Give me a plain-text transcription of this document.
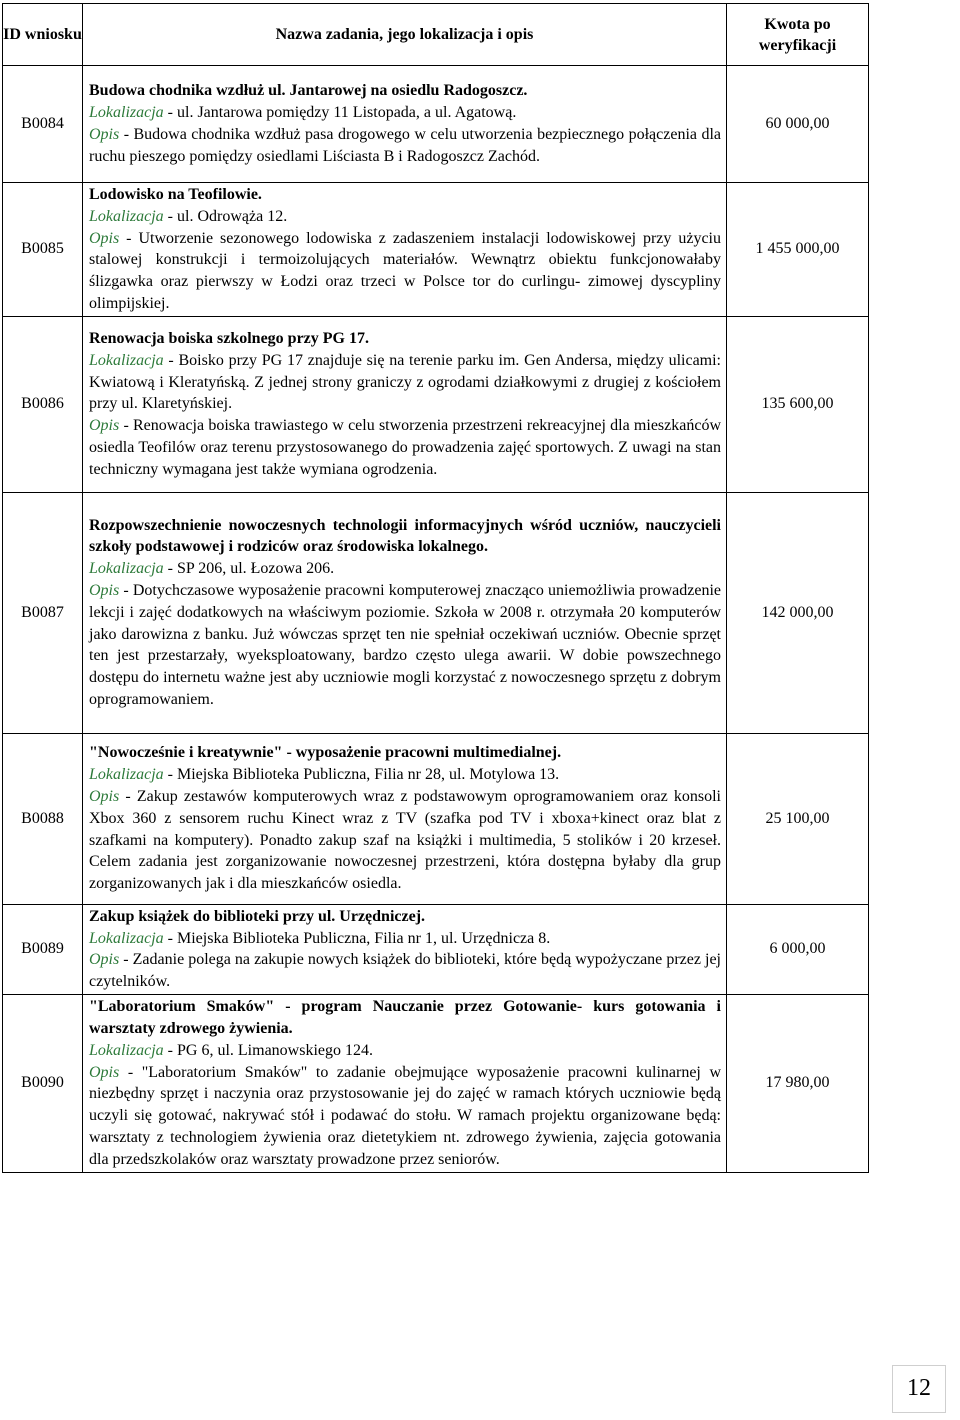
ID wniosku	Nazwa zadania, jego lokalizacja i opis	Kwota po weryfikacji
B0084	Budowa chodnika wzdłuż ul. Jantarowej na osiedlu Radogoszcz.
Lokalizacja - ul. Jantarowa pomiędzy 11 Listopada, a ul. Agatową.
Opis - Budowa chodnika wzdłuż pasa drogowego w celu utworzenia bezpiecznego połączenia dla ruchu pieszego pomiędzy osiedlami Liściasta B i Radogoszcz Zachód.	60 000,00
B0085	Lodowisko na Teofilowie.
Lokalizacja - ul. Odrowąża 12.
Opis - Utworzenie sezonowego lodowiska z zadaszeniem instalacji lodowiskowej przy użyciu stalowej konstrukcji i termoizolujących materiałów. Wewnątrz obiektu funkcjonowałaby ślizgawka oraz pierwszy w Łodzi oraz trzeci w Polsce tor do curlingu- zimowej dyscypliny olimpijskiej.	1 455 000,00
B0086	Renowacja boiska szkolnego przy PG 17.
Lokalizacja - Boisko przy PG 17 znajduje się na terenie parku im. Gen Andersa, między ulicami: Kwiatową i Kleratyńską. Z jednej strony graniczy z ogrodami działkowymi z drugiej z kościołem przy ul. Klaretyńskiej.
Opis - Renowacja boiska trawiastego w celu stworzenia przestrzeni rekreacyjnej dla mieszkańców osiedla Teofilów oraz terenu przystosowanego do prowadzenia zajęć sportowych. Z uwagi na stan techniczny wymagana jest także wymiana ogrodzenia.	135 600,00
B0087	Rozpowszechnienie nowoczesnych technologii informacyjnych wśród uczniów, nauczycieli szkoły podstawowej i rodziców oraz środowiska lokalnego.
Lokalizacja - SP 206, ul. Łozowa 206.
Opis - Dotychczasowe wyposażenie pracowni komputerowej znacząco uniemożliwia prowadzenie lekcji i zajęć dodatkowych na właściwym poziomie. Szkoła w 2008 r. otrzymała 20 komputerów jako darowizna z banku. Już wówczas sprzęt ten nie spełniał oczekiwań uczniów. Obecnie sprzęt ten jest przestarzały, wyeksploatowany, bardzo często ulega awarii. W dobie powszechnego dostępu do internetu ważne jest aby uczniowie mogli korzystać z nowoczesnego sprzętu z dobrym oprogramowaniem.	142 000,00
B0088	"Nowocześnie i kreatywnie" - wyposażenie pracowni multimedialnej.
Lokalizacja - Miejska Biblioteka Publiczna, Filia nr 28, ul. Motylowa 13.
Opis - Zakup zestawów komputerowych wraz z podstawowym oprogramowaniem oraz konsoli Xbox 360 z sensorem ruchu Kinect wraz z TV (szafka pod TV i xboxa+kinect oraz blat z szafkami na komputery). Ponadto zakup szaf na książki i multimedia, 5 stolików i 20 krzeseł. Celem zadania jest zorganizowanie nowoczesnej przestrzeni, która dostępna byłaby dla grup zorganizowanych jak i dla mieszkańców osiedla.	25 100,00
B0089	Zakup książek do biblioteki przy ul. Urzędniczej.
Lokalizacja - Miejska Biblioteka Publiczna, Filia nr 1, ul. Urzędnicza 8.
Opis - Zadanie polega na zakupie nowych książek do biblioteki, które będą wypożyczane przez jej czytelników.	6 000,00
B0090	"Laboratorium Smaków" - program Nauczanie przez Gotowanie- kurs gotowania i warsztaty zdrowego żywienia.
Lokalizacja - PG 6, ul. Limanowskiego 124.
Opis - "Laboratorium Smaków" to zadanie obejmujące wyposażenie pracowni kulinarnej w niezbędny sprzęt i naczynia oraz przystosowanie jej do zajęć w ramach których uczniowie będą uczyli się gotować, nakrywać stół i podawać do stołu. W ramach projektu organizowane będą: warsztaty z technologiem żywienia oraz dietetykiem nt. zdrowego żywienia, zajęcia gotowania dla przedszkolaków oraz warsztaty prowadzone przez seniorów.	17 980,00
12
